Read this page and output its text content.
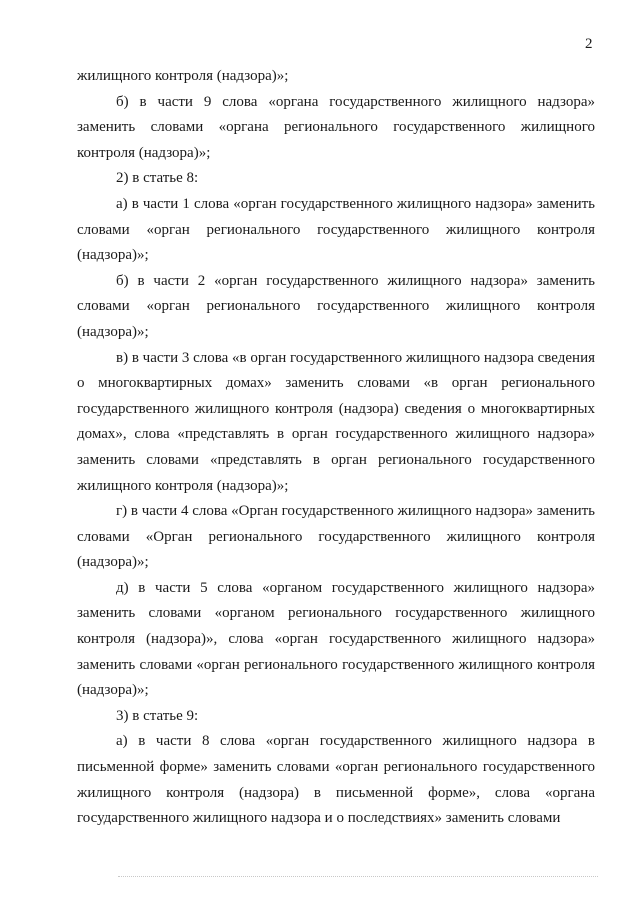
2

жилищного контроля (надзора)»;

б) в части 9 слова «органа государственного жилищного надзора» заменить словами «органа регионального государственного жилищного контроля (надзора)»;

2) в статье 8:

а) в части 1 слова «орган государственного жилищного надзора» заменить словами «орган регионального государственного жилищного контроля (надзора)»;

б) в части 2 «орган государственного жилищного надзора» заменить словами «орган регионального государственного жилищного контроля (надзора)»;

в) в части 3 слова «в орган государственного жилищного надзора сведения о многоквартирных домах» заменить словами «в орган регионального государственного жилищного контроля (надзора) сведения о многоквартирных домах», слова «представлять в орган государственного жилищного надзора» заменить словами «представлять в орган регионального государственного жилищного контроля (надзора)»;

г) в части 4 слова «Орган государственного жилищного надзора» заменить словами «Орган регионального государственного жилищного контроля (надзора)»;

д) в части 5 слова «органом государственного жилищного надзора» заменить словами «органом регионального государственного жилищного контроля (надзора)», слова «орган государственного жилищного надзора» заменить словами «орган регионального государственного жилищного контроля (надзора)»;

3) в статье 9:

а) в части 8 слова «орган государственного жилищного надзора в письменной форме» заменить словами «орган регионального государственного жилищного контроля (надзора) в письменной форме», слова «органа государственного жилищного надзора и о последствиях» заменить словами
